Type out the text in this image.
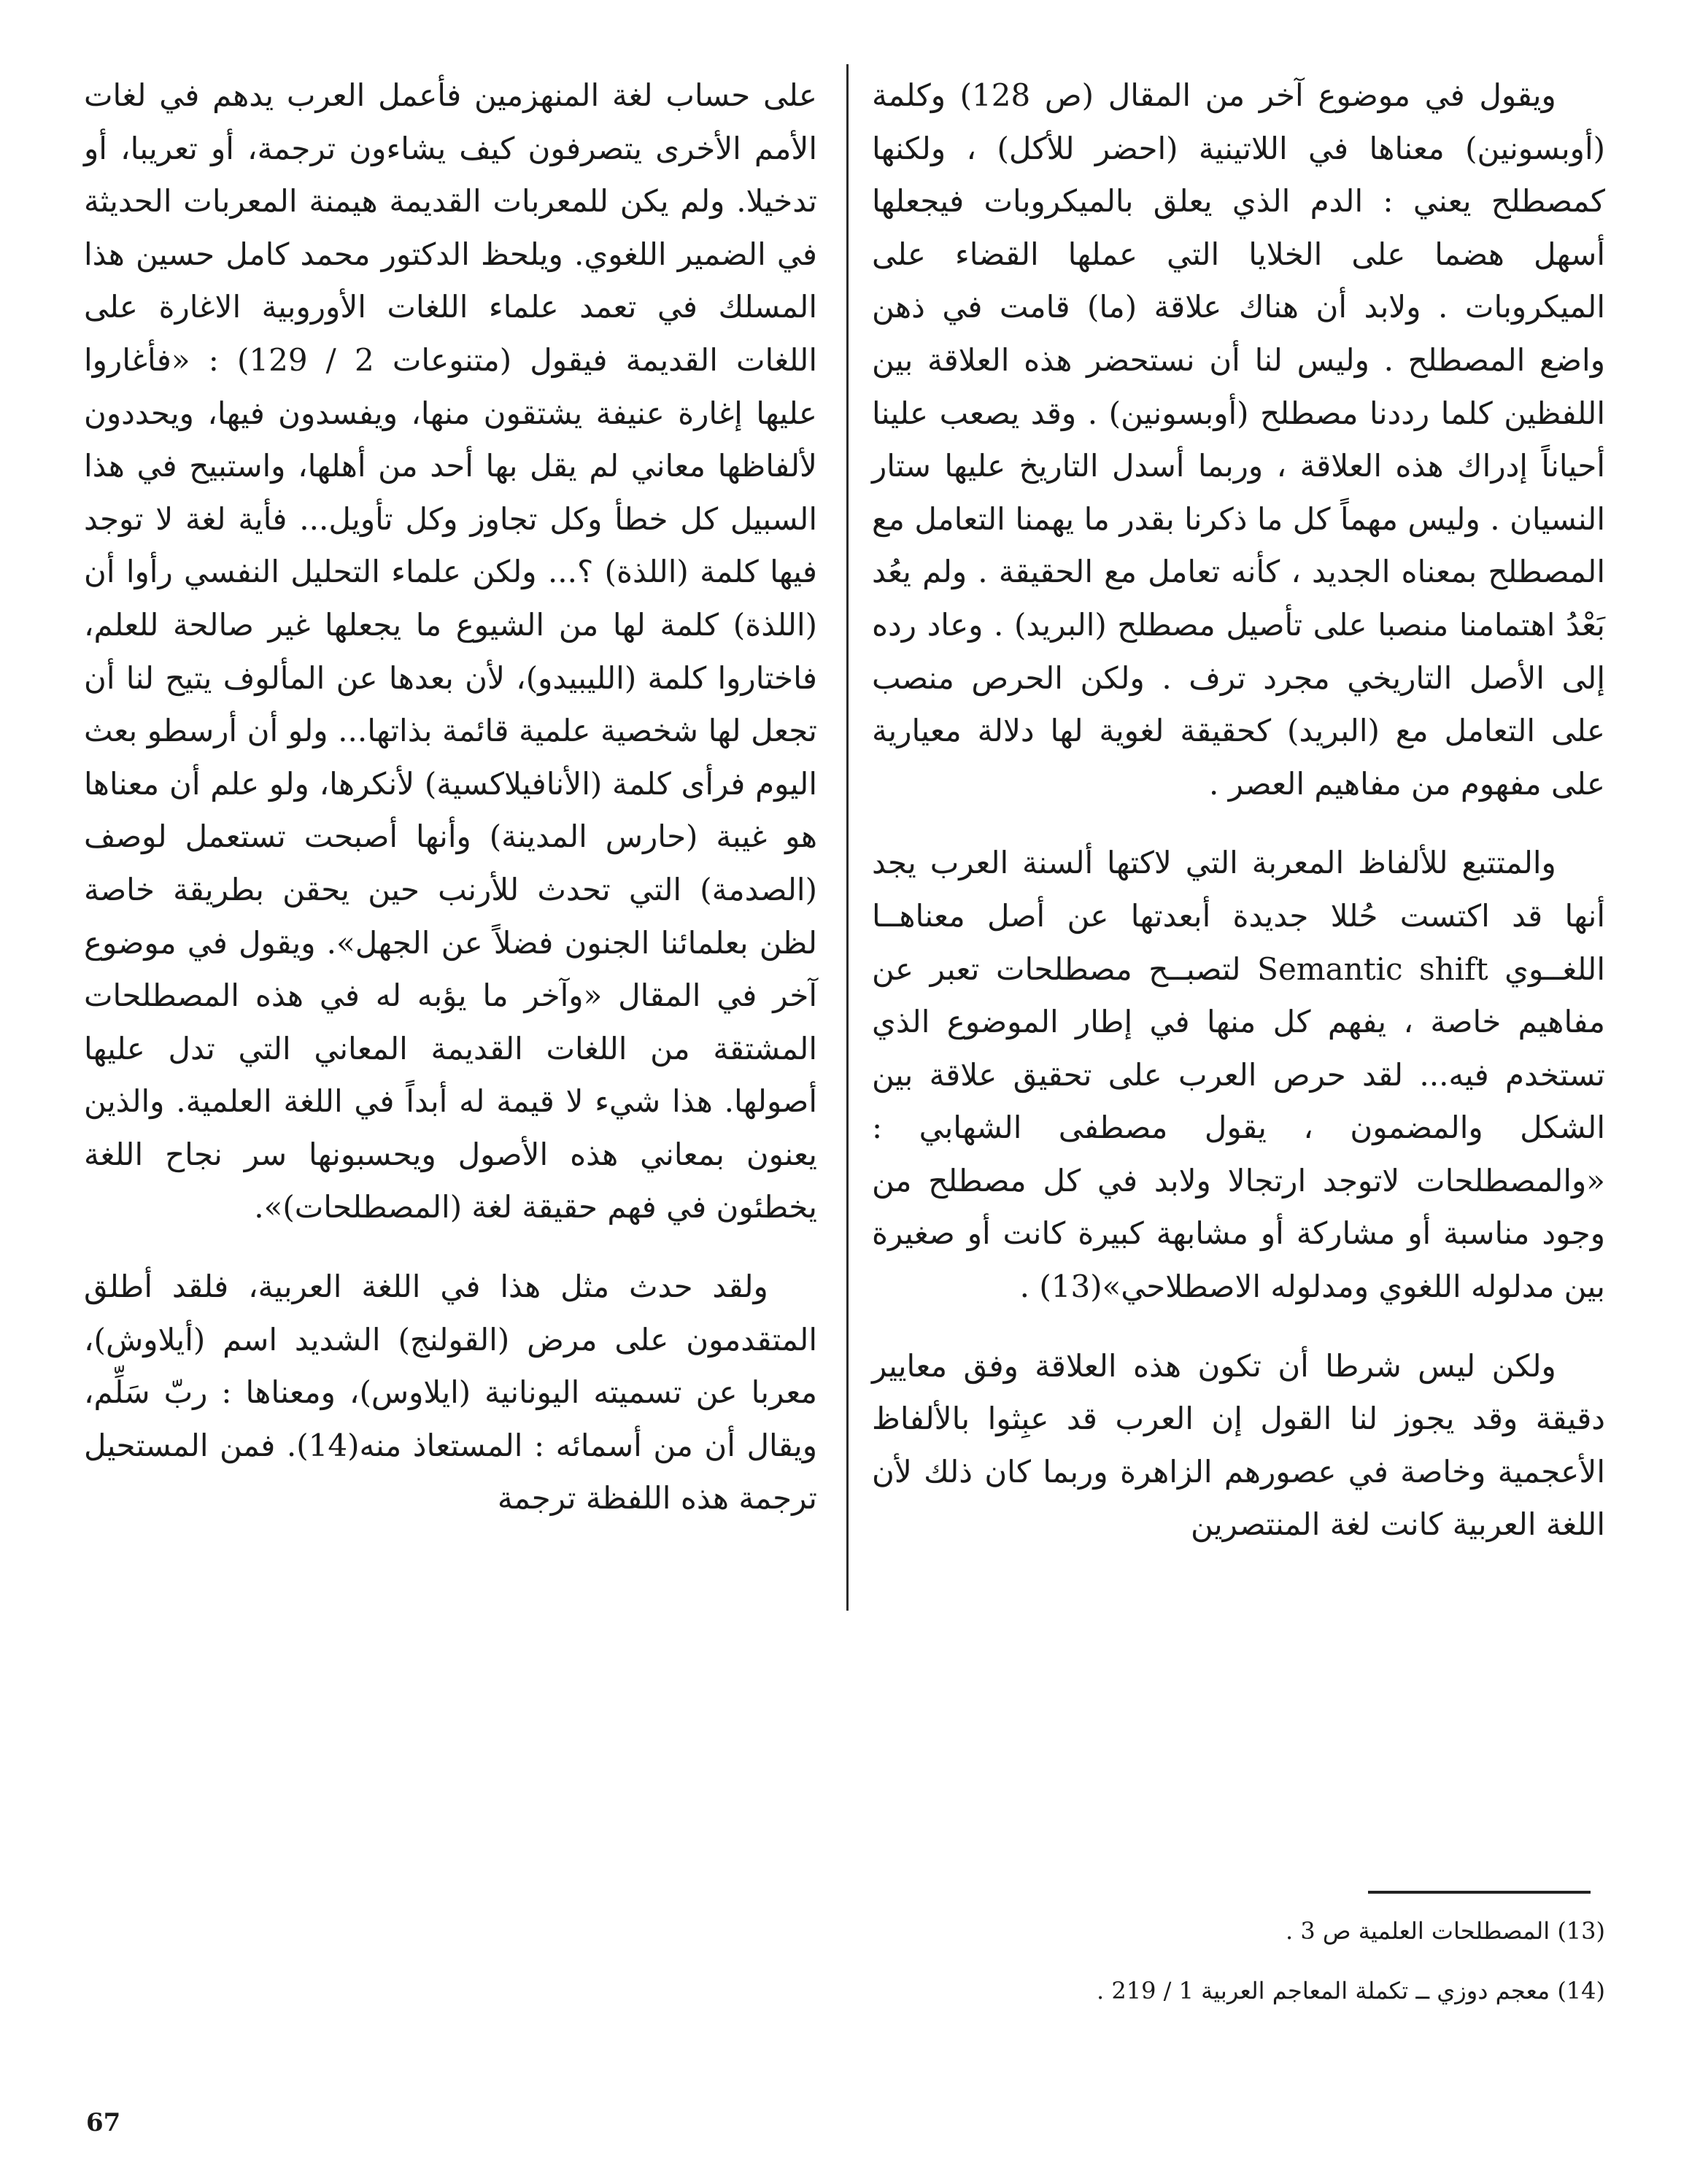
ويقول في موضوع آخر من المقال (ص 128) وكلمة (أوبسونين) معناها في اللاتينية (احضر للأكل) ، ولكنها كمصطلح يعني : الدم الذي يعلق بالميكروبات فيجعلها أسهل هضما على الخلايا التي عملها القضاء على الميكروبات . ولابد أن هناك علاقة (ما) قامت في ذهن واضع المصطلح . وليس لنا أن نستحضر هذه العلاقة بين اللفظين كلما رددنا مصطلح (أوبسونين) . وقد يصعب علينا أحياناً إدراك هذه العلاقة ، وربما أسدل التاريخ عليها ستار النسيان . وليس مهماً كل ما ذكرنا بقدر ما يهمنا التعامل مع المصطلح بمعناه الجديد ، كأنه تعامل مع الحقيقة . ولم يعُد بَعْدُ اهتمامنا منصبا على تأصيل مصطلح (البريد) . وعاد رده إلى الأصل التاريخي مجرد ترف . ولكن الحرص منصب على التعامل مع (البريد) كحقيقة لغوية لها دلالة معيارية على مفهوم من مفاهيم العصر .

والمتتبع للألفاظ المعربة التي لاكتها ألسنة العرب يجد أنها قد اكتست حُللا جديدة أبعدتها عن أصل معناهــا اللغــوي Semantic shift لتصبــح مصطلحات تعبر عن مفاهيم خاصة ، يفهم كل منها في إطار الموضوع الذي تستخدم فيه... لقد حرص العرب على تحقيق علاقة بين الشكل والمضمون ، يقول مصطفى الشهابي : «والمصطلحات لاتوجد ارتجالا ولابد في كل مصطلح من وجود مناسبة أو مشاركة أو مشابهة كبيرة كانت أو صغيرة بين مدلوله اللغوي ومدلوله الاصطلاحي»(13) .

ولكن ليس شرطا أن تكون هذه العلاقة وفق معايير دقيقة وقد يجوز لنا القول إن العرب قد عبِثوا بالألفاظ الأعجمية وخاصة في عصورهم الزاهرة وربما كان ذلك لأن اللغة العربية كانت لغة المنتصرين

على حساب لغة المنهزمين فأعمل العرب يدهم في لغات الأمم الأخرى يتصرفون كيف يشاءون ترجمة، أو تعريبا، أو تدخيلا. ولم يكن للمعربات القديمة هيمنة المعربات الحديثة في الضمير اللغوي. ويلحظ الدكتور محمد كامل حسين هذا المسلك في تعمد علماء اللغات الأوروبية الاغارة على اللغات القديمة فيقول (متنوعات 2 / 129) : «فأغاروا عليها إغارة عنيفة يشتقون منها، ويفسدون فيها، ويحددون لألفاظها معاني لم يقل بها أحد من أهلها، واستبيح في هذا السبيل كل خطأ وكل تجاوز وكل تأويل... فأية لغة لا توجد فيها كلمة (اللذة) ؟... ولكن علماء التحليل النفسي رأوا أن (اللذة) كلمة لها من الشيوع ما يجعلها غير صالحة للعلم، فاختاروا كلمة (الليبيدو)، لأن بعدها عن المألوف يتيح لنا أن تجعل لها شخصية علمية قائمة بذاتها... ولو أن أرسطو بعث اليوم فرأى كلمة (الأنافيلاكسية) لأنكرها، ولو علم أن معناها هو غيبة (حارس المدينة) وأنها أصبحت تستعمل لوصف (الصدمة) التي تحدث للأرنب حين يحقن بطريقة خاصة لظن بعلمائنا الجنون فضلاً عن الجهل». ويقول في موضوع آخر في المقال «وآخر ما يؤبه له في هذه المصطلحات المشتقة من اللغات القديمة المعاني التي تدل عليها أصولها. هذا شيء لا قيمة له أبداً في اللغة العلمية. والذين يعنون بمعاني هذه الأصول ويحسبونها سر نجاح اللغة يخطئون في فهم حقيقة لغة (المصطلحات)».

ولقد حدث مثل هذا في اللغة العربية، فلقد أطلق المتقدمون على مرض (القولنج) الشديد اسم (أيلاوش)، معربا عن تسميته اليونانية (ايلاوس)، ومعناها : ربّ سَلِّم، ويقال أن من أسمائه : المستعاذ منه(14). فمن المستحيل ترجمة هذه اللفظة ترجمة

(13) المصطلحات العلمية ص 3 .
(14) معجم دوزي ــ تكملة المعاجم العربية 1 / 219 .
67
